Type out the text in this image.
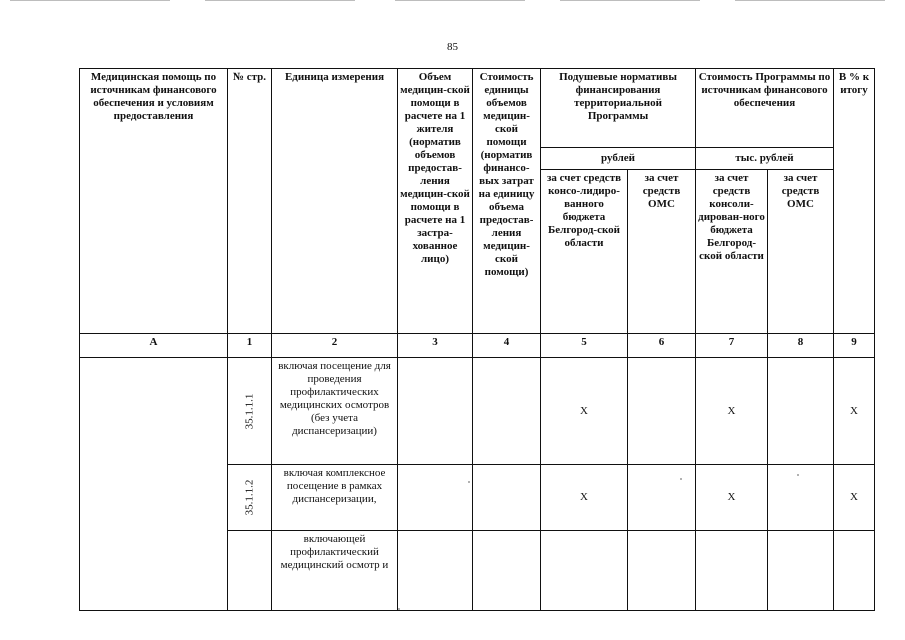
85
Медицинская помощь по источникам финансового обеспечения и условиям предоставления	№ стр.	Единица измерения	Объем медицин-ской помощи в расчете на 1 жителя (норматив объемов предостав-ления медицин-ской помощи в расчете на 1 застра-хованное лицо)	Стоимость единицы объемов медицин-ской помощи (норматив финансо-вых затрат на единицу объема предостав-ления медицин-ской помощи)	Подушевые нормативы финансирования территориальной Программы		Стоимость Программы по источникам финансового обеспечения		В % к итогу
					рублей		тыс. рублей		
					за счет средств консо-лидиро-ванного бюджета Белгород-ской области	за счет средств ОМС	за счет средств консоли-дирован-ного бюджета Белгород-ской области	за счет средств ОМС	
А	1	2	3	4	5	6	7	8	9
	35.1.1.1	включая посещение для проведения профилактических медицинских осмотров (без учета диспансеризации)			Х		Х		Х
	35.1.1.2	включая комплексное посещение в рамках диспансеризации,			Х		Х		Х
		включающей профилактический медицинский осмотр и							
